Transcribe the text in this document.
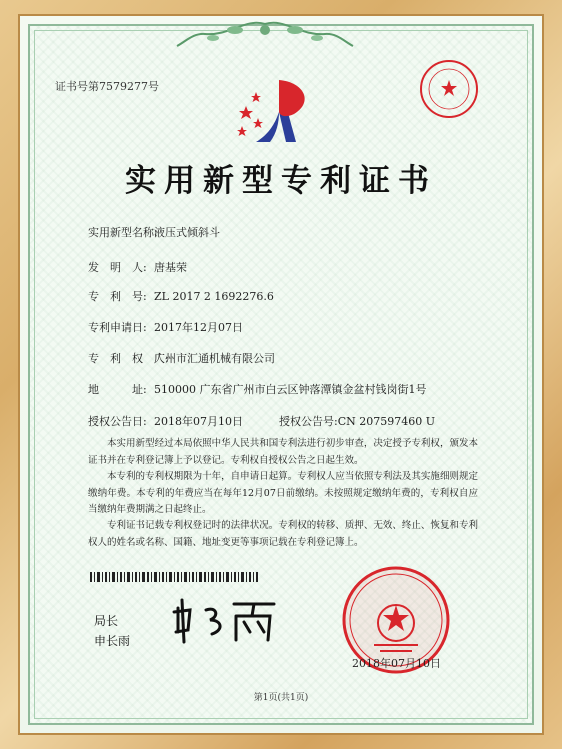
证书号第7579277号
实用新型专利证书
实用新型名称:液压式倾斜斗
发　明　人: 唐基荣
专　利　号: ZL 2017 2 1692276.6
专利申请日: 2017年12月07日
专　利　权　人:广州市汇通机械有限公司
地　　　址: 510000 广东省广州市白云区钟落潭镇金盆村钱岗街1号
授权公告日: 2018年07月10日	授权公告号:CN 207597460 U
本实用新型经过本局依照中华人民共和国专利法进行初步审查，决定授予专利权，颁发本证书并在专利登记簿上予以登记。专利权自授权公告之日起生效。
本专利的专利权期限为十年，自申请日起算。专利权人应当依照专利法及其实施细则规定缴纳年费。本专利的年费应当在每年12月07日前缴纳。未按照规定缴纳年费的，专利权自应当缴纳年费期满之日起终止。
专利证书记载专利权登记时的法律状况。专利权的转移、质押、无效、终止、恢复和专利权人的姓名或名称、国籍、地址变更等事项记载在专利登记簿上。
局长
申长雨
2018年07月10日
第1页(共1页)
